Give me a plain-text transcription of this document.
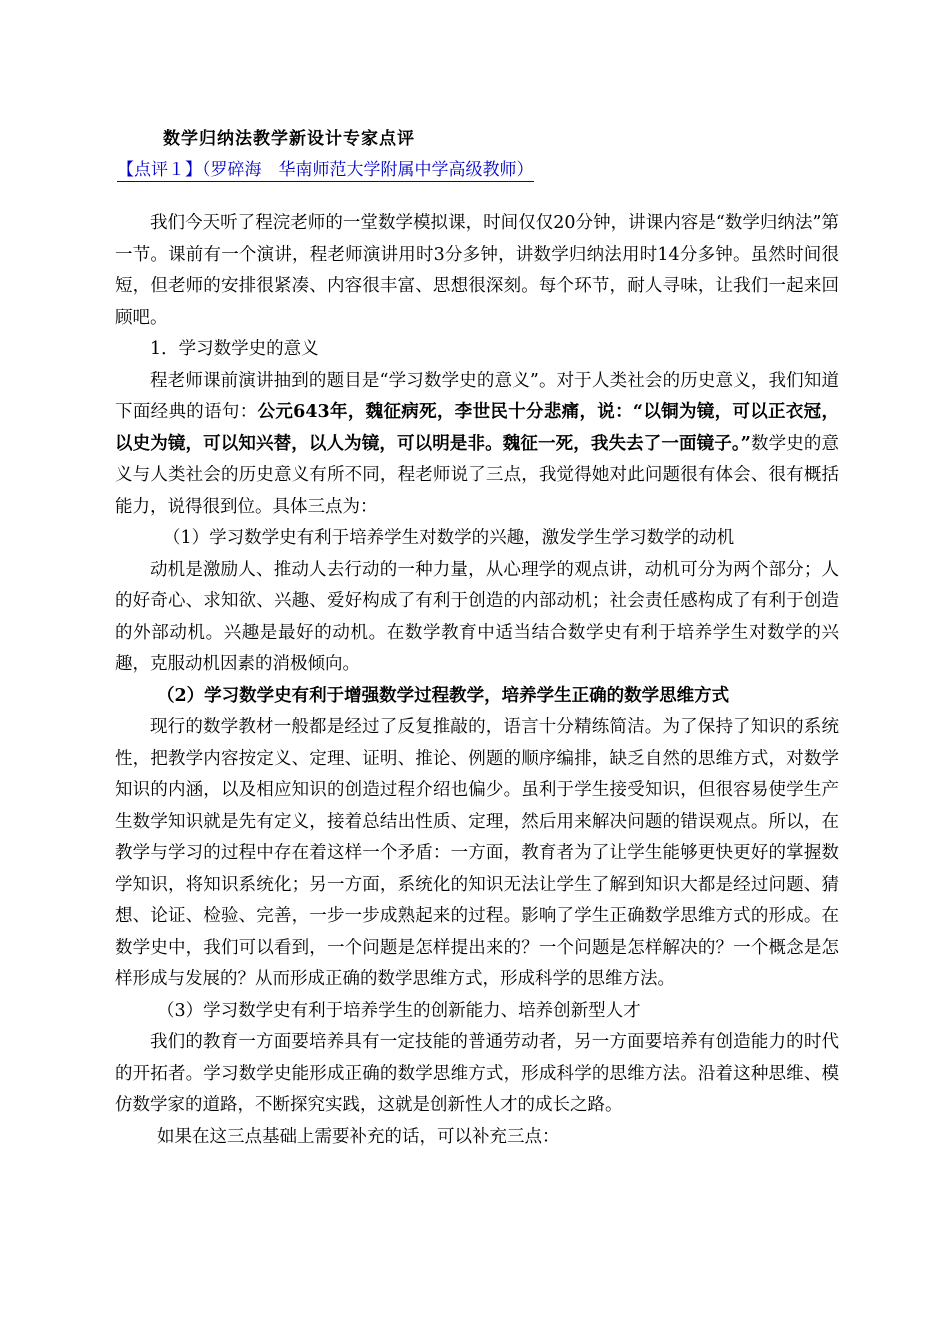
数学归纳法教学新设计专家点评
【点评１】（罗碎海　华南师范大学附属中学高级教师）

我们今天听了程浣老师的一堂数学模拟课，时间仅仅20分钟，讲课内容是“数学归纳法”第一节。课前有一个演讲，程老师演讲用时3分多钟，讲数学归纳法用时14分多钟。虽然时间很短，但老师的安排很紧凑、内容很丰富、思想很深刻。每个环节，耐人寻味，让我们一起来回顾吧。

1．学习数学史的意义

程老师课前演讲抽到的题目是“学习数学史的意义”。对于人类社会的历史意义，我们知道下面经典的语句：公元643年，魏征病死，李世民十分悲痛，说：“以铜为镜，可以正衣冠，以史为镜，可以知兴替，以人为镜，可以明是非。魏征一死，我失去了一面镜子。”数学史的意义与人类社会的历史意义有所不同，程老师说了三点，我觉得她对此问题很有体会、很有概括能力，说得很到位。具体三点为：

（1）学习数学史有利于培养学生对数学的兴趣，激发学生学习数学的动机

动机是激励人、推动人去行动的一种力量，从心理学的观点讲，动机可分为两个部分；人的好奇心、求知欲、兴趣、爱好构成了有利于创造的内部动机；社会责任感构成了有利于创造的外部动机。兴趣是最好的动机。在数学教育中适当结合数学史有利于培养学生对数学的兴趣，克服动机因素的消极倾向。

（2）学习数学史有利于增强数学过程教学，培养学生正确的数学思维方式

现行的数学教材一般都是经过了反复推敲的，语言十分精练简洁。为了保持了知识的系统性，把教学内容按定义、定理、证明、推论、例题的顺序编排，缺乏自然的思维方式，对数学知识的内涵，以及相应知识的创造过程介绍也偏少。虽利于学生接受知识，但很容易使学生产生数学知识就是先有定义，接着总结出性质、定理，然后用来解决问题的错误观点。所以，在教学与学习的过程中存在着这样一个矛盾：一方面，教育者为了让学生能够更快更好的掌握数学知识，将知识系统化；另一方面，系统化的知识无法让学生了解到知识大都是经过问题、猜想、论证、检验、完善，一步一步成熟起来的过程。影响了学生正确数学思维方式的形成。在数学史中，我们可以看到，一个问题是怎样提出来的？一个问题是怎样解决的？一个概念是怎样形成与发展的？从而形成正确的数学思维方式，形成科学的思维方法。

（3）学习数学史有利于培养学生的创新能力、培养创新型人才

我们的教育一方面要培养具有一定技能的普通劳动者，另一方面要培养有创造能力的时代的开拓者。学习数学史能形成正确的数学思维方式，形成科学的思维方法。沿着这种思维、模仿数学家的道路，不断探究实践，这就是创新性人才的成长之路。

如果在这三点基础上需要补充的话，可以补充三点：
